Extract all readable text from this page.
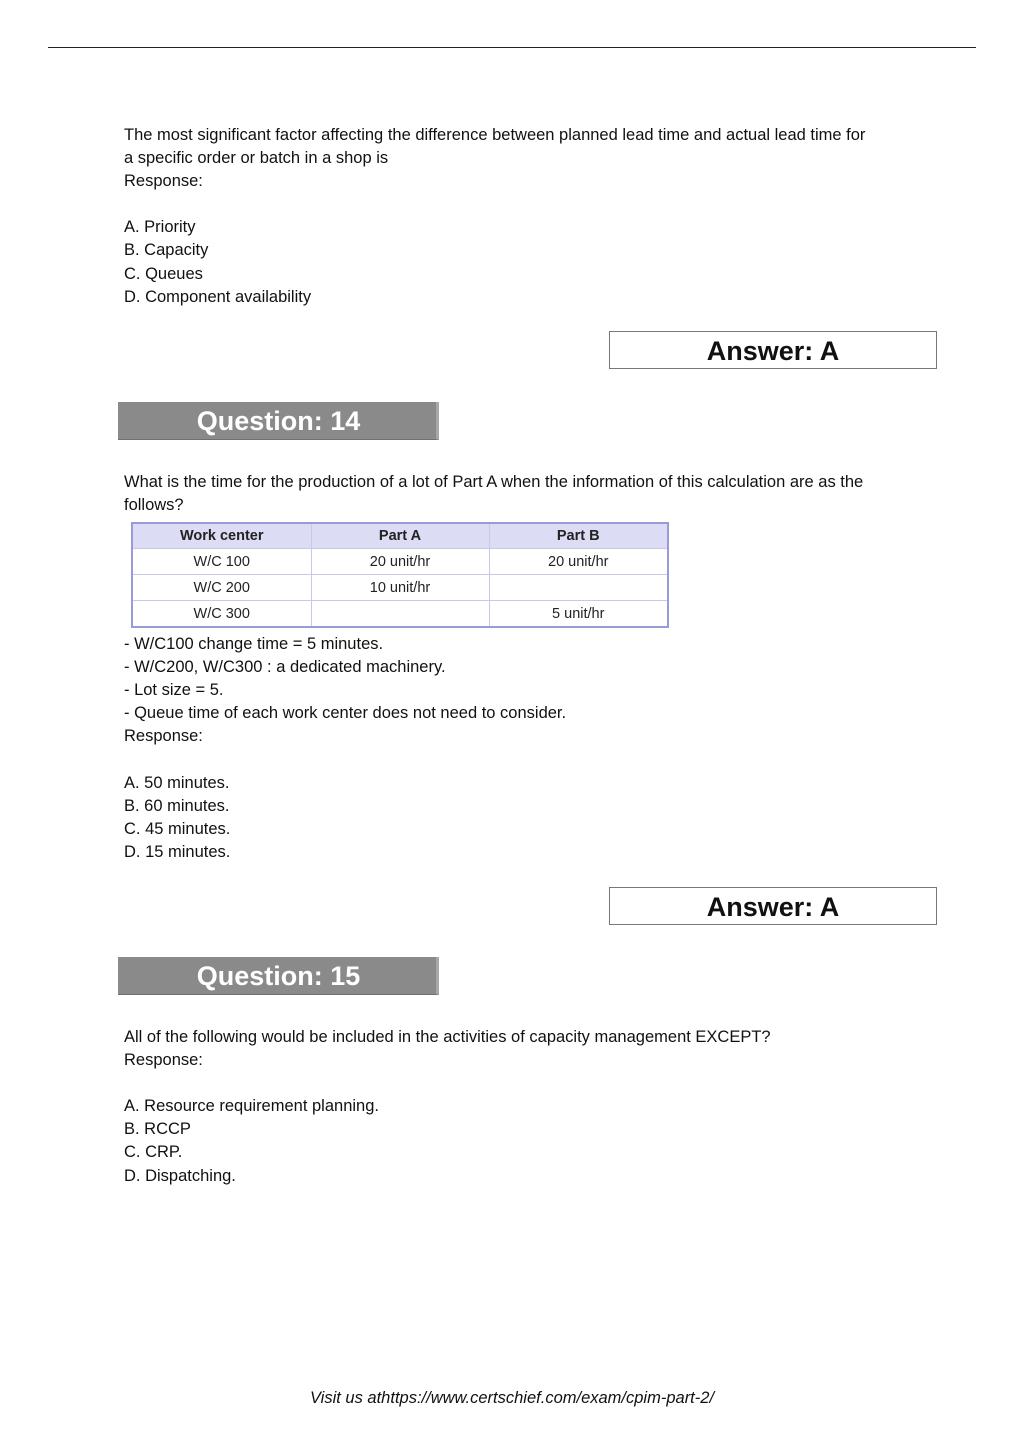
The most significant factor affecting the difference between planned lead time and actual lead time for
a specific order or batch in a shop is
Response:
A. Priority
B. Capacity
C. Queues
D. Component availability
Answer: A
Question: 14
What is the time for the production of a lot of Part A when the information of this calculation are as the
follows?
Work center	Part A	Part B
W/C 100	20 unit/hr	20 unit/hr
W/C 200	10 unit/hr	
W/C 300		5 unit/hr
- W/C100 change time = 5 minutes.
- W/C200, W/C300 : a dedicated machinery.
- Lot size = 5.
- Queue time of each work center does not need to consider.
Response:
A. 50 minutes.
B. 60 minutes.
C. 45 minutes.
D. 15 minutes.
Answer: A
Question: 15
All of the following would be included in the activities of capacity management EXCEPT?
Response:
A. Resource requirement planning.
B. RCCP
C. CRP.
D. Dispatching.
Visit us athttps://www.certschief.com/exam/cpim-part-2/
